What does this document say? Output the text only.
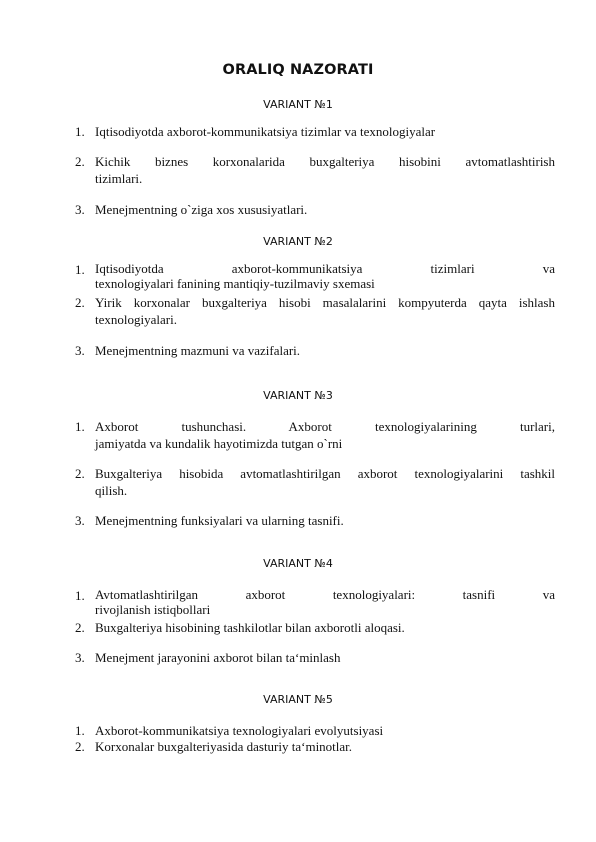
ORALIQ NAZORATI
VARIANT №1
1. Iqtisodiyotda axborot-kommunikatsiya tizimlar va texnologiyalar
2. Kichik biznes korxonalarida buxgalteriya hisobini avtomatlashtirish
tizimlari.
3. Menejmentning o`ziga xos xususiyatlari.
VARIANT №2
1. Iqtisodiyotda axborot-kommunikatsiya tizimlari va
texnologiyalari fanining mantiqiy-tuzilmaviy sxemasi
2. Yirik korxonalar buxgalteriya hisobi masalalarini kompyuterda qayta ishlash
texnologiyalari.
3. Menejmentning mazmuni va vazifalari.
VARIANT №3
1. Axborot tushunchasi. Axborot texnologiyalarining turlari,
jamiyatda va kundalik hayotimizda tutgan o`rni
2. Buxgalteriya hisobida avtomatlashtirilgan axborot texnologiyalarini tashkil
qilish.
3. Menejmentning funksiyalari va ularning tasnifi.
VARIANT №4
1. Avtomatlashtirilgan axborot texnologiyalari: tasnifi va
rivojlanish istiqbollari
2. Buxgalteriya hisobining tashkilotlar bilan axborotli aloqasi.
3. Menejment jarayonini axborot bilan ta‘minlash
VARIANT №5
1. Axborot-kommunikatsiya texnologiyalari evolyutsiyasi
2. Korxonalar buxgalteriyasida dasturiy ta‘minotlar.
